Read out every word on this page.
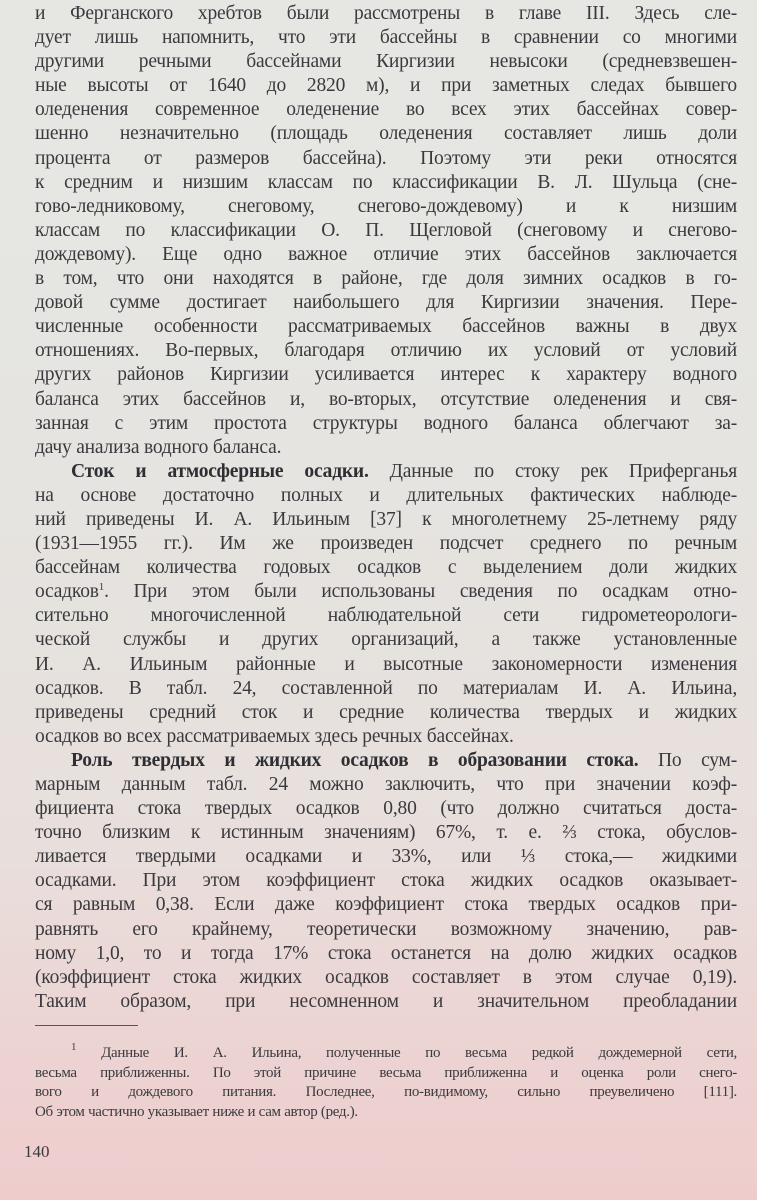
и Ферганского хребтов были рассмотрены в главе III. Здесь сле-
дует лишь напомнить, что эти бассейны в сравнении со многими
другими речными бассейнами Киргизии невысоки (средневзвешен-
ные высоты от 1640 до 2820 м), и при заметных следах бывшего
оледенения современное оледенение во всех этих бассейнах совер-
шенно незначительно (площадь оледенения составляет лишь доли
процента от размеров бассейна). Поэтому эти реки относятся
к средним и низшим классам по классификации В. Л. Шульца (сне-
гово-ледниковому, снеговому, снегово-дождевому) и к низшим
классам по классификации О. П. Щегловой (снеговому и снегово-
дождевому). Еще одно важное отличие этих бассейнов заключается
в том, что они находятся в районе, где доля зимних осадков в го-
довой сумме достигает наибольшего для Киргизии значения. Пере-
численные особенности рассматриваемых бассейнов важны в двух
отношениях. Во-первых, благодаря отличию их условий от условий
других районов Киргизии усиливается интерес к характеру водного
баланса этих бассейнов и, во-вторых, отсутствие оледенения и свя-
занная с этим простота структуры водного баланса облегчают за-
дачу анализа водного баланса.
Сток и атмосферные осадки. Данные по стоку рек Приферганья
на основе достаточно полных и длительных фактических наблюде-
ний приведены И. А. Ильиным [37] к многолетнему 25-летнему ряду
(1931—1955 гг.). Им же произведен подсчет среднего по речным
бассейнам количества годовых осадков с выделением доли жидких
осадков$^1$. При этом были использованы сведения по осадкам отно-
сительно многочисленной наблюдательной сети гидрометеорологи-
ческой службы и других организаций, а также установленные
И. А. Ильиным районные и высотные закономерности изменения
осадков. В табл. 24, составленной по материалам И. А. Ильина,
приведены средний сток и средние количества твердых и жидких
осадков во всех рассматриваемых здесь речных бассейнах.
Роль твердых и жидких осадков в образовании стока. По сум-
марным данным табл. 24 можно заключить, что при значении коэф-
фициента стока твердых осадков 0,80 (что должно считаться доста-
точно близким к истинным значениям) 67%, т. е. ⅔ стока, обуслов-
ливается твердыми осадками и 33%, или ⅓ стока,— жидкими
осадками. При этом коэффициент стока жидких осадков оказывает-
ся равным 0,38. Если даже коэффициент стока твердых осадков при-
равнять его крайнему, теоретически возможному значению, рав-
ному 1,0, то и тогда 17% стока останется на долю жидких осадков
(коэффициент стока жидких осадков составляет в этом случае 0,19).
Таким образом, при несомненном и значительном преобладании
$^1$ Данные И. А. Ильина, полученные по весьма редкой дождемерной сети,
весьма приближенны. По этой причине весьма приближенна и оценка роли снего-
вого и дождевого питания. Последнее, по-видимому, сильно преувеличено [111].
Об этом частично указывает ниже и сам автор (ред.).
140
